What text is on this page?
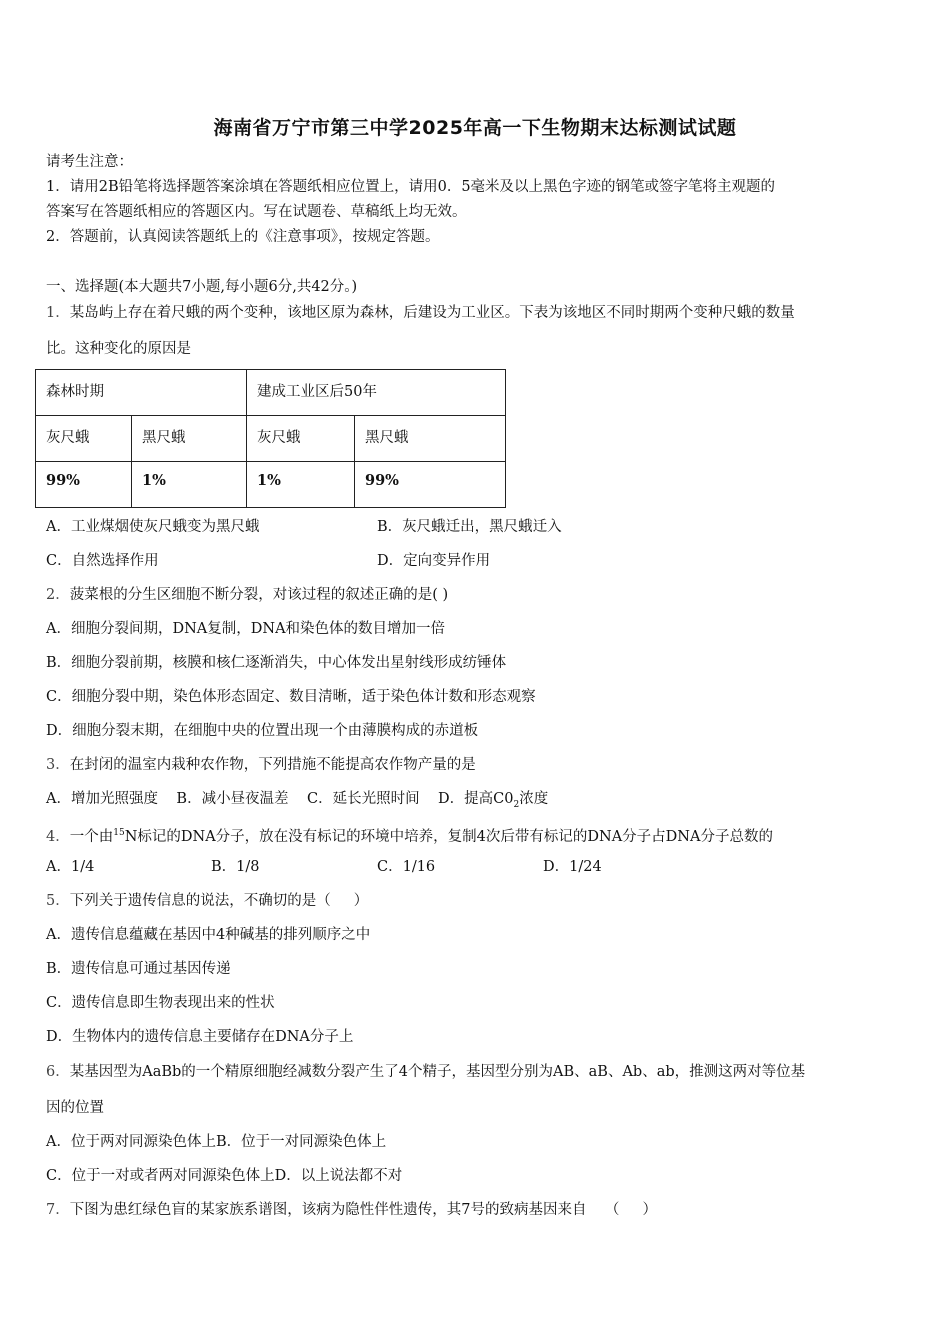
海南省万宁市第三中学2025年高一下生物期末达标测试试题
请考生注意：
1．请用2B铅笔将选择题答案涂填在答题纸相应位置上，请用0．5毫米及以上黑色字迹的钢笔或签字笔将主观题的
答案写在答题纸相应的答题区内。写在试题卷、草稿纸上均无效。
2．答题前，认真阅读答题纸上的《注意事项》，按规定答题。
一、选择题(本大题共7小题,每小题6分,共42分。)
1．某岛屿上存在着尺蛾的两个变种，该地区原为森林，后建设为工业区。下表为该地区不同时期两个变种尺蛾的数量
比。这种变化的原因是
森林时期		建成工业区后50年	
灰尺蛾	黑尺蛾	灰尺蛾	黑尺蛾
99%	1%	1%	99%
A．工业煤烟使灰尺蛾变为黑尺蛾	B．灰尺蛾迁出，黑尺蛾迁入
C．自然选择作用	D．定向变异作用
2．菠菜根的分生区细胞不断分裂，对该过程的叙述正确的是( )
A．细胞分裂间期，DNA复制，DNA和染色体的数目增加一倍
B．细胞分裂前期，核膜和核仁逐渐消失，中心体发出星射线形成纺锤体
C．细胞分裂中期，染色体形态固定、数目清晰，适于染色体计数和形态观察
D．细胞分裂末期，在细胞中央的位置出现一个由薄膜构成的赤道板
3．在封闭的温室内栽种农作物，下列措施不能提高农作物产量的是
A．增加光照强度    B．减小昼夜温差    C．延长光照时间    D．提高$C0_2$浓度
4．一个由$^{15}$N标记的DNA分子，放在没有标记的环境中培养，复制4次后带有标记的DNA分子占DNA分子总数的
A．1/4	B．1/8	C．1/16	D．1/24
5．下列关于遗传信息的说法，不确切的是（     ）
A．遗传信息蕴藏在基因中4种碱基的排列顺序之中
B．遗传信息可通过基因传递
C．遗传信息即生物表现出来的性状
D．生物体内的遗传信息主要储存在DNA分子上
6．某基因型为AaBb的一个精原细胞经减数分裂产生了4个精子，基因型分别为AB、aB、Ab、ab，推测这两对等位基
因的位置
A．位于两对同源染色体上B．位于一对同源染色体上
C．位于一对或者两对同源染色体上D．以上说法都不对
7．下图为患红绿色盲的某家族系谱图，该病为隐性伴性遗传，其7号的致病基因来自    （     ）
